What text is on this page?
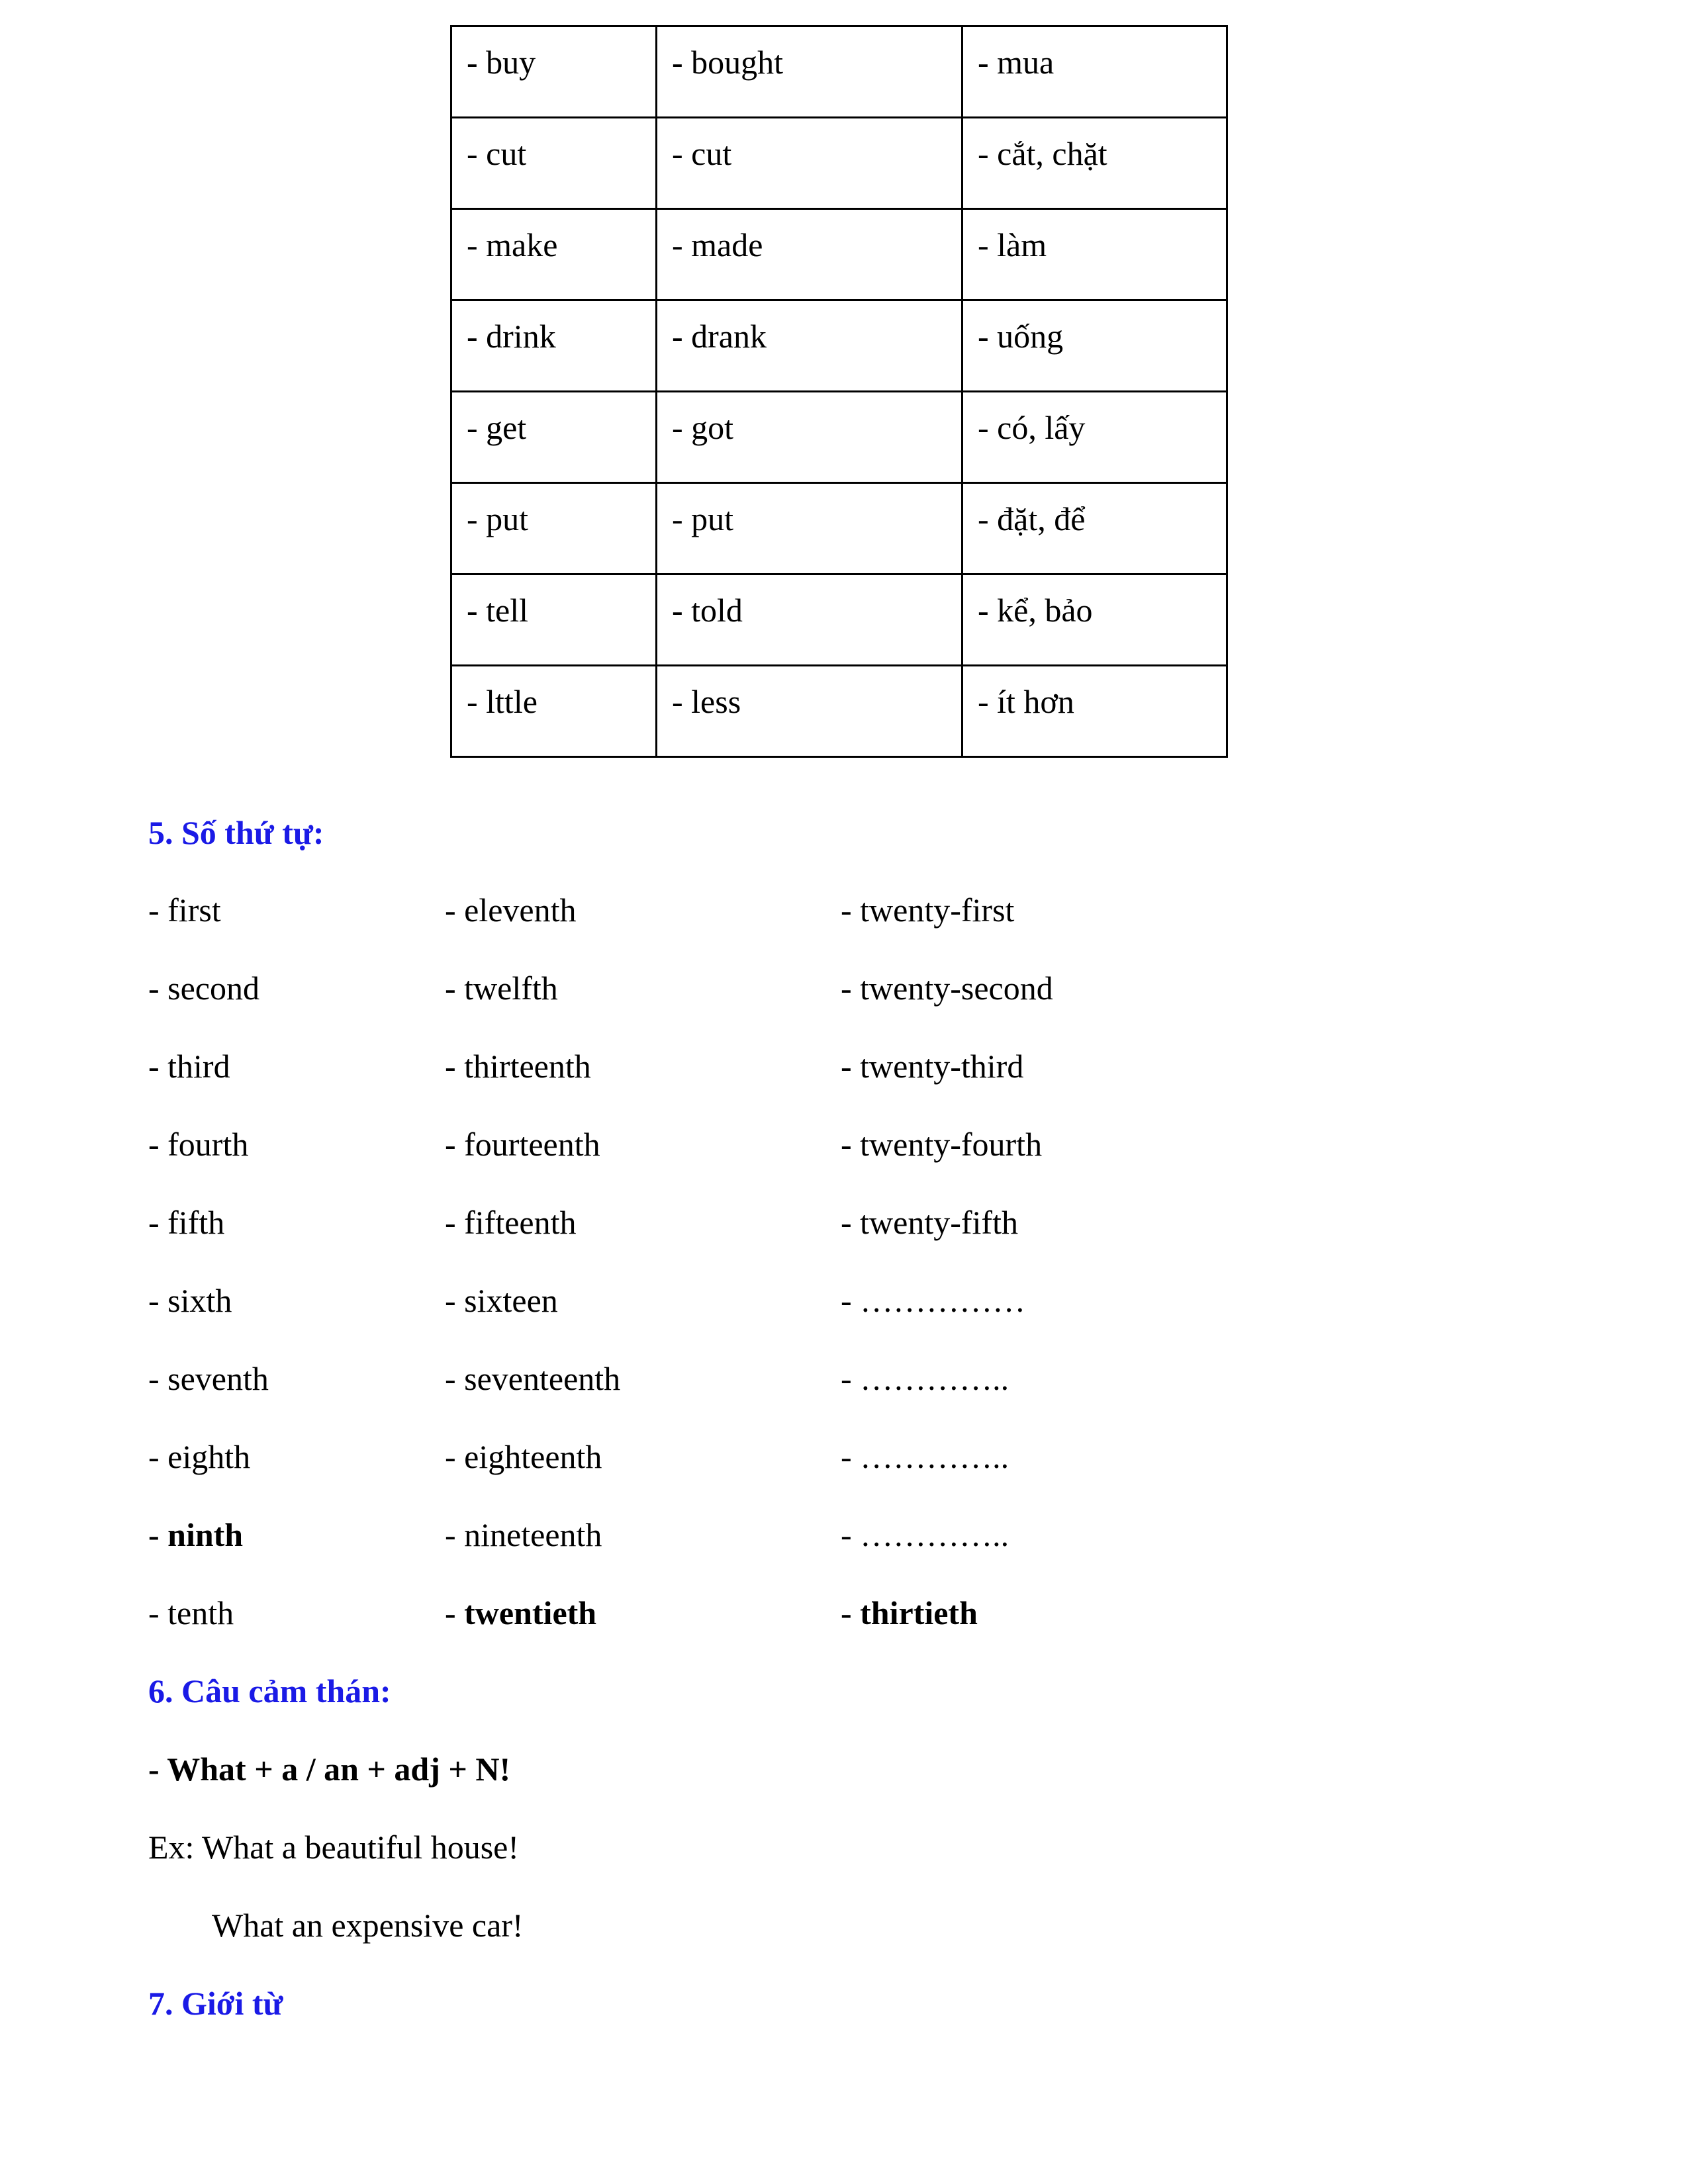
- buy	- bought	- mua

- cut	- cut	- cắt, chặt

- make	- made	- làm

- drink	- drank	- uống

- get	- got	- có, lấy

- put	- put	- đặt, để

- tell	- told	- kể, bảo

- lttle	- less	- ít hơn
5. Số thứ tự:
- first	- eleventh	- twenty-first
- second	- twelfth	- twenty-second
- third	- thirteenth	- twenty-third
- fourth	- fourteenth	- twenty-fourth
- fifth	- fifteenth	- twenty-fifth
- sixth	- sixteen	- ……………
- seventh	- seventeenth	- …………..
- eighth	- eighteenth	- …………..
- ninth	- nineteenth	- …………..
- tenth	- twentieth	- thirtieth
6. Câu cảm thán:
- What + a / an + adj + N!
Ex: What a beautiful house!
What an expensive car!
7. Giới từ
